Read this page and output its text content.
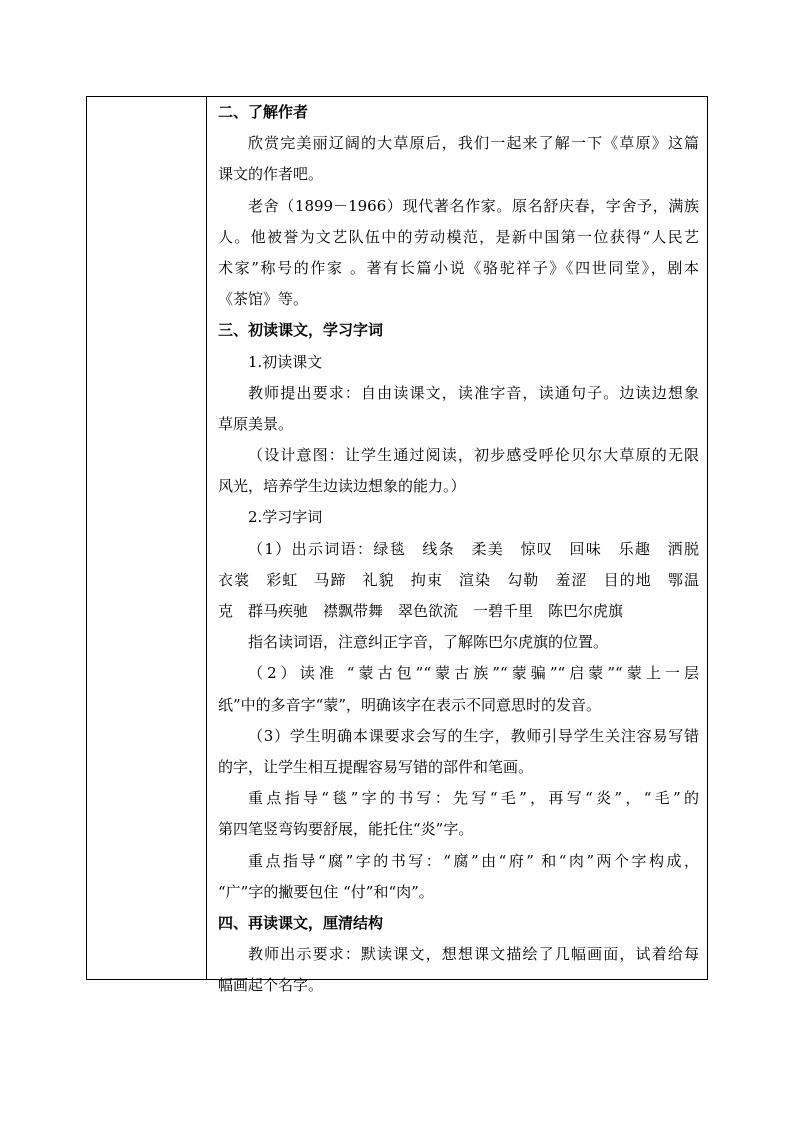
二、了解作者
欣赏完美丽辽阔的大草原后，我们一起来了解一下《草原》这篇
课文的作者吧。
老舍（1899－1966）现代著名作家。原名舒庆春，字舍予，满族
人。他被誉为文艺队伍中的劳动模范，是新中国第一位获得“人民艺
术家”称号的作家 。著有长篇小说《骆驼祥子》《四世同堂》，剧本
《茶馆》等。
三、初读课文，学习字词
1.初读课文
教师提出要求：自由读课文，读准字音，读通句子。边读边想象
草原美景。
（设计意图：让学生通过阅读，初步感受呼伦贝尔大草原的无限
风光，培养学生边读边想象的能力。）
2.学习字词
（1）出示词语：绿毯　线条　柔美　惊叹　回味　乐趣　洒脱
衣裳　彩虹　马蹄　礼貌　拘束　渲染　勾勒　羞涩　目的地　鄂温
克　群马疾驰　襟飘带舞　翠色欲流　一碧千里　陈巴尔虎旗
指名读词语，注意纠正字音，了解陈巴尔虎旗的位置。
（2）读准 “蒙古包”“蒙古族”“蒙骗”“启蒙”“蒙上一层
纸”中的多音字“蒙”，明确该字在表示不同意思时的发音。
（3）学生明确本课要求会写的生字，教师引导学生关注容易写错
的字，让学生相互提醒容易写错的部件和笔画。
重点指导“毯”字的书写：先写“毛”，再写“炎”，“毛”的
第四笔竖弯钩要舒展，能托住“炎”字。
重点指导“腐”字的书写：“腐”由“府” 和“肉”两个字构成，
“广”字的撇要包住 “付”和“肉”。
四、再读课文，厘清结构
教师出示要求：默读课文，想想课文描绘了几幅画面，试着给每
幅画起个名字。
